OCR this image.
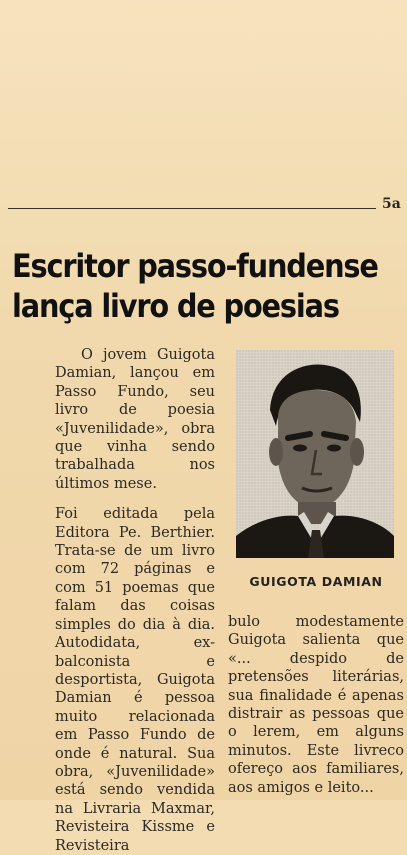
5a
Escritor passo-fundense
lança livro de poesias

O jovem Guigota Damian, lançou em Passo Fundo, seu livro de poesia «Juvenilidade», obra que vinha sendo trabalhada nos últimos mese.

Foi editada pela Editora Pe. Berthier. Trata-se de um livro com 72 páginas e com 51 poemas que falam das coisas simples do dia à dia. Autodidata, ex-balconista e desportista, Guigota Damian é pessoa muito relacionada em Passo Fundo de onde é natural. Sua obra, «Juvenilidade» está sendo vendida na Livraria Maxmar, Revisteira Kissme e Revisteira

GUIGOTA DAMIAN

bulo modestamente Guigota salienta que «... despido de pretensões literárias, sua finalidade é apenas distrair as pessoas que o lerem, em alguns minutos. Este livreco ofereço aos familiares, aos amigos e leito...
